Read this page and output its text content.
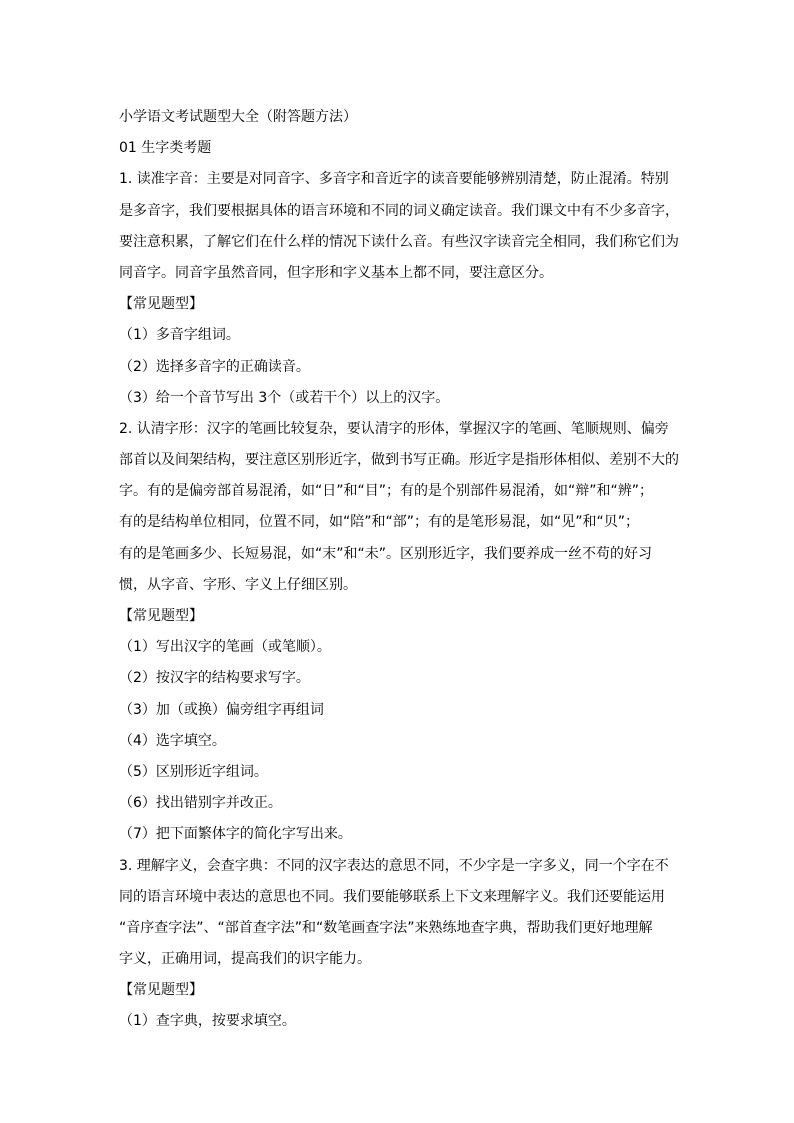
小学语文考试题型大全（附答题方法）
01 生字类考题
1. 读准字音：主要是对同音字、多音字和音近字的读音要能够辨别清楚，防止混淆。特别
是多音字，我们要根据具体的语言环境和不同的词义确定读音。我们课文中有不少多音字，
要注意积累，了解它们在什么样的情况下读什么音。有些汉字读音完全相同，我们称它们为
同音字。同音字虽然音同，但字形和字义基本上都不同，要注意区分。
【常见题型】
（1）多音字组词。
（2）选择多音字的正确读音。
（3）给一个音节写出 3个（或若干个）以上的汉字。
2. 认清字形：汉字的笔画比较复杂，要认清字的形体，掌握汉字的笔画、笔顺规则、偏旁
部首以及间架结构，要注意区别形近字，做到书写正确。形近字是指形体相似、差别不大的
字。有的是偏旁部首易混淆，如“日”和“目”；有的是个别部件易混淆，如“辩”和“辨”；
有的是结构单位相同，位置不同，如“陪”和“部”；有的是笔形易混，如“见”和“贝”；
有的是笔画多少、长短易混，如“末”和“未”。区别形近字，我们要养成一丝不苟的好习
惯，从字音、字形、字义上仔细区别。
【常见题型】
（1）写出汉字的笔画（或笔顺）。
（2）按汉字的结构要求写字。
（3）加（或换）偏旁组字再组词
（4）选字填空。
（5）区别形近字组词。
（6）找出错别字并改正。
（7）把下面繁体字的简化字写出来。
3. 理解字义，会查字典：不同的汉字表达的意思不同，不少字是一字多义，同一个字在不
同的语言环境中表达的意思也不同。我们要能够联系上下文来理解字义。我们还要能运用
“音序查字法”、“部首查字法”和“数笔画查字法”来熟练地查字典，帮助我们更好地理解
字义，正确用词，提高我们的识字能力。
【常见题型】
（1）查字典，按要求填空。
